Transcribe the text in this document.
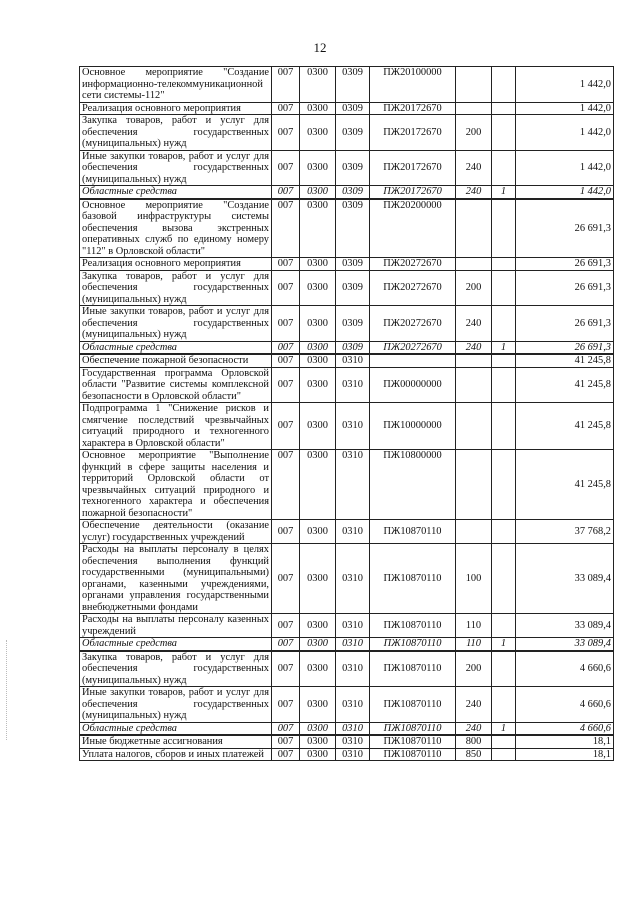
12
Основное мероприятие "Создание информационно-телекоммуникационной сети системы-112"	007	0300	0309	ПЖ20100000			1 442,0
Реализация основного мероприятия	007	0300	0309	ПЖ20172670			1 442,0
Закупка товаров, работ и услуг для обеспечения государственных (муниципальных) нужд	007	0300	0309	ПЖ20172670	200		1 442,0
Иные закупки товаров, работ и услуг для обеспечения государственных (муниципальных) нужд	007	0300	0309	ПЖ20172670	240		1 442,0
Областные средства	007	0300	0309	ПЖ20172670	240	1	1 442,0
Основное мероприятие "Создание базовой инфраструктуры системы обеспечения вызова экстренных оперативных служб по единому номеру "112" в Орловской области"	007	0300	0309	ПЖ20200000			26 691,3
Реализация основного мероприятия	007	0300	0309	ПЖ20272670			26 691,3
Закупка товаров, работ и услуг для обеспечения государственных (муниципальных) нужд	007	0300	0309	ПЖ20272670	200		26 691,3
Иные закупки товаров, работ и услуг для обеспечения государственных (муниципальных) нужд	007	0300	0309	ПЖ20272670	240		26 691,3
Областные средства	007	0300	0309	ПЖ20272670	240	1	26 691,3
Обеспечение пожарной безопасности	007	0300	0310				41 245,8
Государственная программа Орловской области "Развитие системы комплексной безопасности в Орловской области"	007	0300	0310	ПЖ00000000			41 245,8
Подпрограмма 1 "Снижение рисков и смягчение последствий чрезвычайных ситуаций природного и техногенного характера в Орловской области"	007	0300	0310	ПЖ10000000			41 245,8
Основное мероприятие "Выполнение функций в сфере защиты населения и территорий Орловской области от чрезвычайных ситуаций природного и техногенного характера и обеспечения пожарной безопасности"	007	0300	0310	ПЖ10800000			41 245,8
Обеспечение деятельности (оказание услуг) государственных учреждений	007	0300	0310	ПЖ10870110			37 768,2
Расходы на выплаты персоналу в целях обеспечения выполнения функций государственными (муниципальными) органами, казенными учреждениями, органами управления государственными внебюджетными фондами	007	0300	0310	ПЖ10870110	100		33 089,4
Расходы на выплаты персоналу казенных учреждений	007	0300	0310	ПЖ10870110	110		33 089,4
Областные средства	007	0300	0310	ПЖ10870110	110	1	33 089,4
Закупка товаров, работ и услуг для обеспечения государственных (муниципальных) нужд	007	0300	0310	ПЖ10870110	200		4 660,6
Иные закупки товаров, работ и услуг для обеспечения государственных (муниципальных) нужд	007	0300	0310	ПЖ10870110	240		4 660,6
Областные средства	007	0300	0310	ПЖ10870110	240	1	4 660,6
Иные бюджетные ассигнования	007	0300	0310	ПЖ10870110	800		18,1
Уплата налогов, сборов и иных платежей	007	0300	0310	ПЖ10870110	850		18,1
